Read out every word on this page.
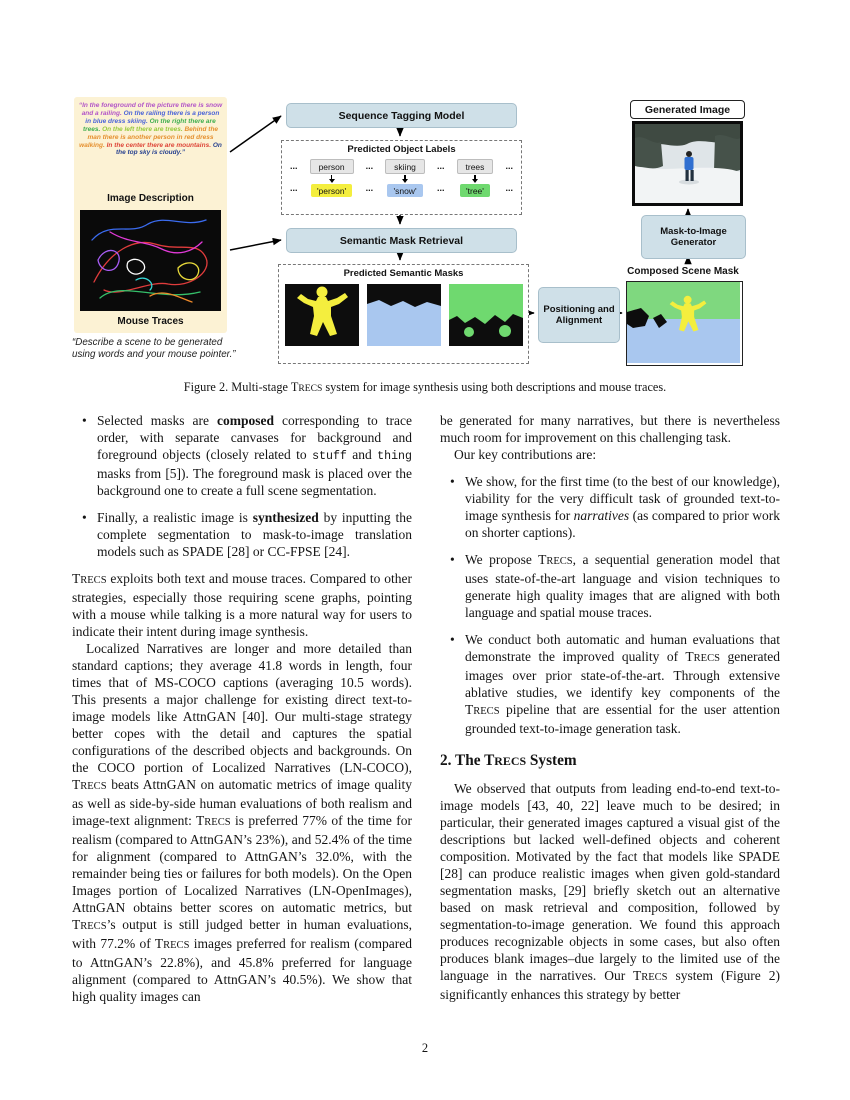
“In the foreground of the picture there is snow and a railing. On the railing there is a person in blue dress skiing. On the right there are trees. On the left there are trees. Behind the man there is another person in red dress walking. In the center there are mountains. On the top sky is cloudy.”
Image Description
Mouse Traces
“Describe a scene to be generated
using words and your mouse pointer.”
Sequence Tagging Model
Predicted Object Labels
...
...
person
'person'
...
...
skiing
'snow'
...
...
trees
'tree'
...
...
Semantic Mask Retrieval
Predicted Semantic Masks
Positioning and Alignment
Composed Scene Mask
Mask-to-Image Generator
Generated Image
Figure 2. Multi-stage TRECS system for image synthesis using both descriptions and mouse traces.
• Selected masks are composed corresponding to trace order, with separate canvases for background and foreground objects (closely related to stuff and thing masks from [5]). The foreground mask is placed over the background one to create a full scene segmentation.
• Finally, a realistic image is synthesized by inputting the complete segmentation to mask-to-image translation models such as SPADE [28] or CC-FPSE [24].

TRECS exploits both text and mouse traces. Compared to other strategies, especially those requiring scene graphs, pointing with a mouse while talking is a more natural way for users to indicate their intent during image synthesis.

Localized Narratives are longer and more detailed than standard captions; they average 41.8 words in length, four times that of MS-COCO captions (averaging 10.5 words). This presents a major challenge for existing direct text-to-image models like AttnGAN [40]. Our multi-stage strategy better copes with the detail and captures the spatial configurations of the described objects and backgrounds. On the COCO portion of Localized Narratives (LN-COCO), TRECS beats AttnGAN on automatic metrics of image quality as well as side-by-side human evaluations of both realism and image-text alignment: TRECS is preferred 77% of the time for realism (compared to AttnGAN’s 23%), and 52.4% of the time for alignment (compared to AttnGAN’s 32.0%, with the remainder being ties or failures for both models). On the Open Images portion of Localized Narratives (LN-OpenImages), AttnGAN obtains better scores on automatic metrics, but TRECS’s output is still judged better in human evaluations, with 77.2% of TRECS images preferred for realism (compared to AttnGAN’s 22.8%), and 45.8% preferred for language alignment (compared to AttnGAN’s 40.5%). We show that high quality images can

be generated for many narratives, but there is nevertheless much room for improvement on this challenging task.

Our key contributions are:

• We show, for the first time (to the best of our knowledge), viability for the very difficult task of grounded text-to-image synthesis for narratives (as compared to prior work on shorter captions).
• We propose TRECS, a sequential generation model that uses state-of-the-art language and vision techniques to generate high quality images that are aligned with both language and spatial mouse traces.
• We conduct both automatic and human evaluations that demonstrate the improved quality of TRECS generated images over prior state-of-the-art. Through extensive ablative studies, we identify key components of the TRECS pipeline that are essential for the user attention grounded text-to-image generation task.
2. The TRECS System

We observed that outputs from leading end-to-end text-to-image models [43, 40, 22] leave much to be desired; in particular, their generated images captured a visual gist of the descriptions but lacked well-defined objects and coherent composition. Motivated by the fact that models like SPADE [28] can produce realistic images when given gold-standard segmentation masks, [29] briefly sketch out an alternative based on mask retrieval and composition, followed by segmentation-to-image generation. We found this approach produces recognizable objects in some cases, but also often produces blank images–due largely to the limited use of the language in the narratives. Our TRECS system (Figure 2) significantly enhances this strategy by better

2
